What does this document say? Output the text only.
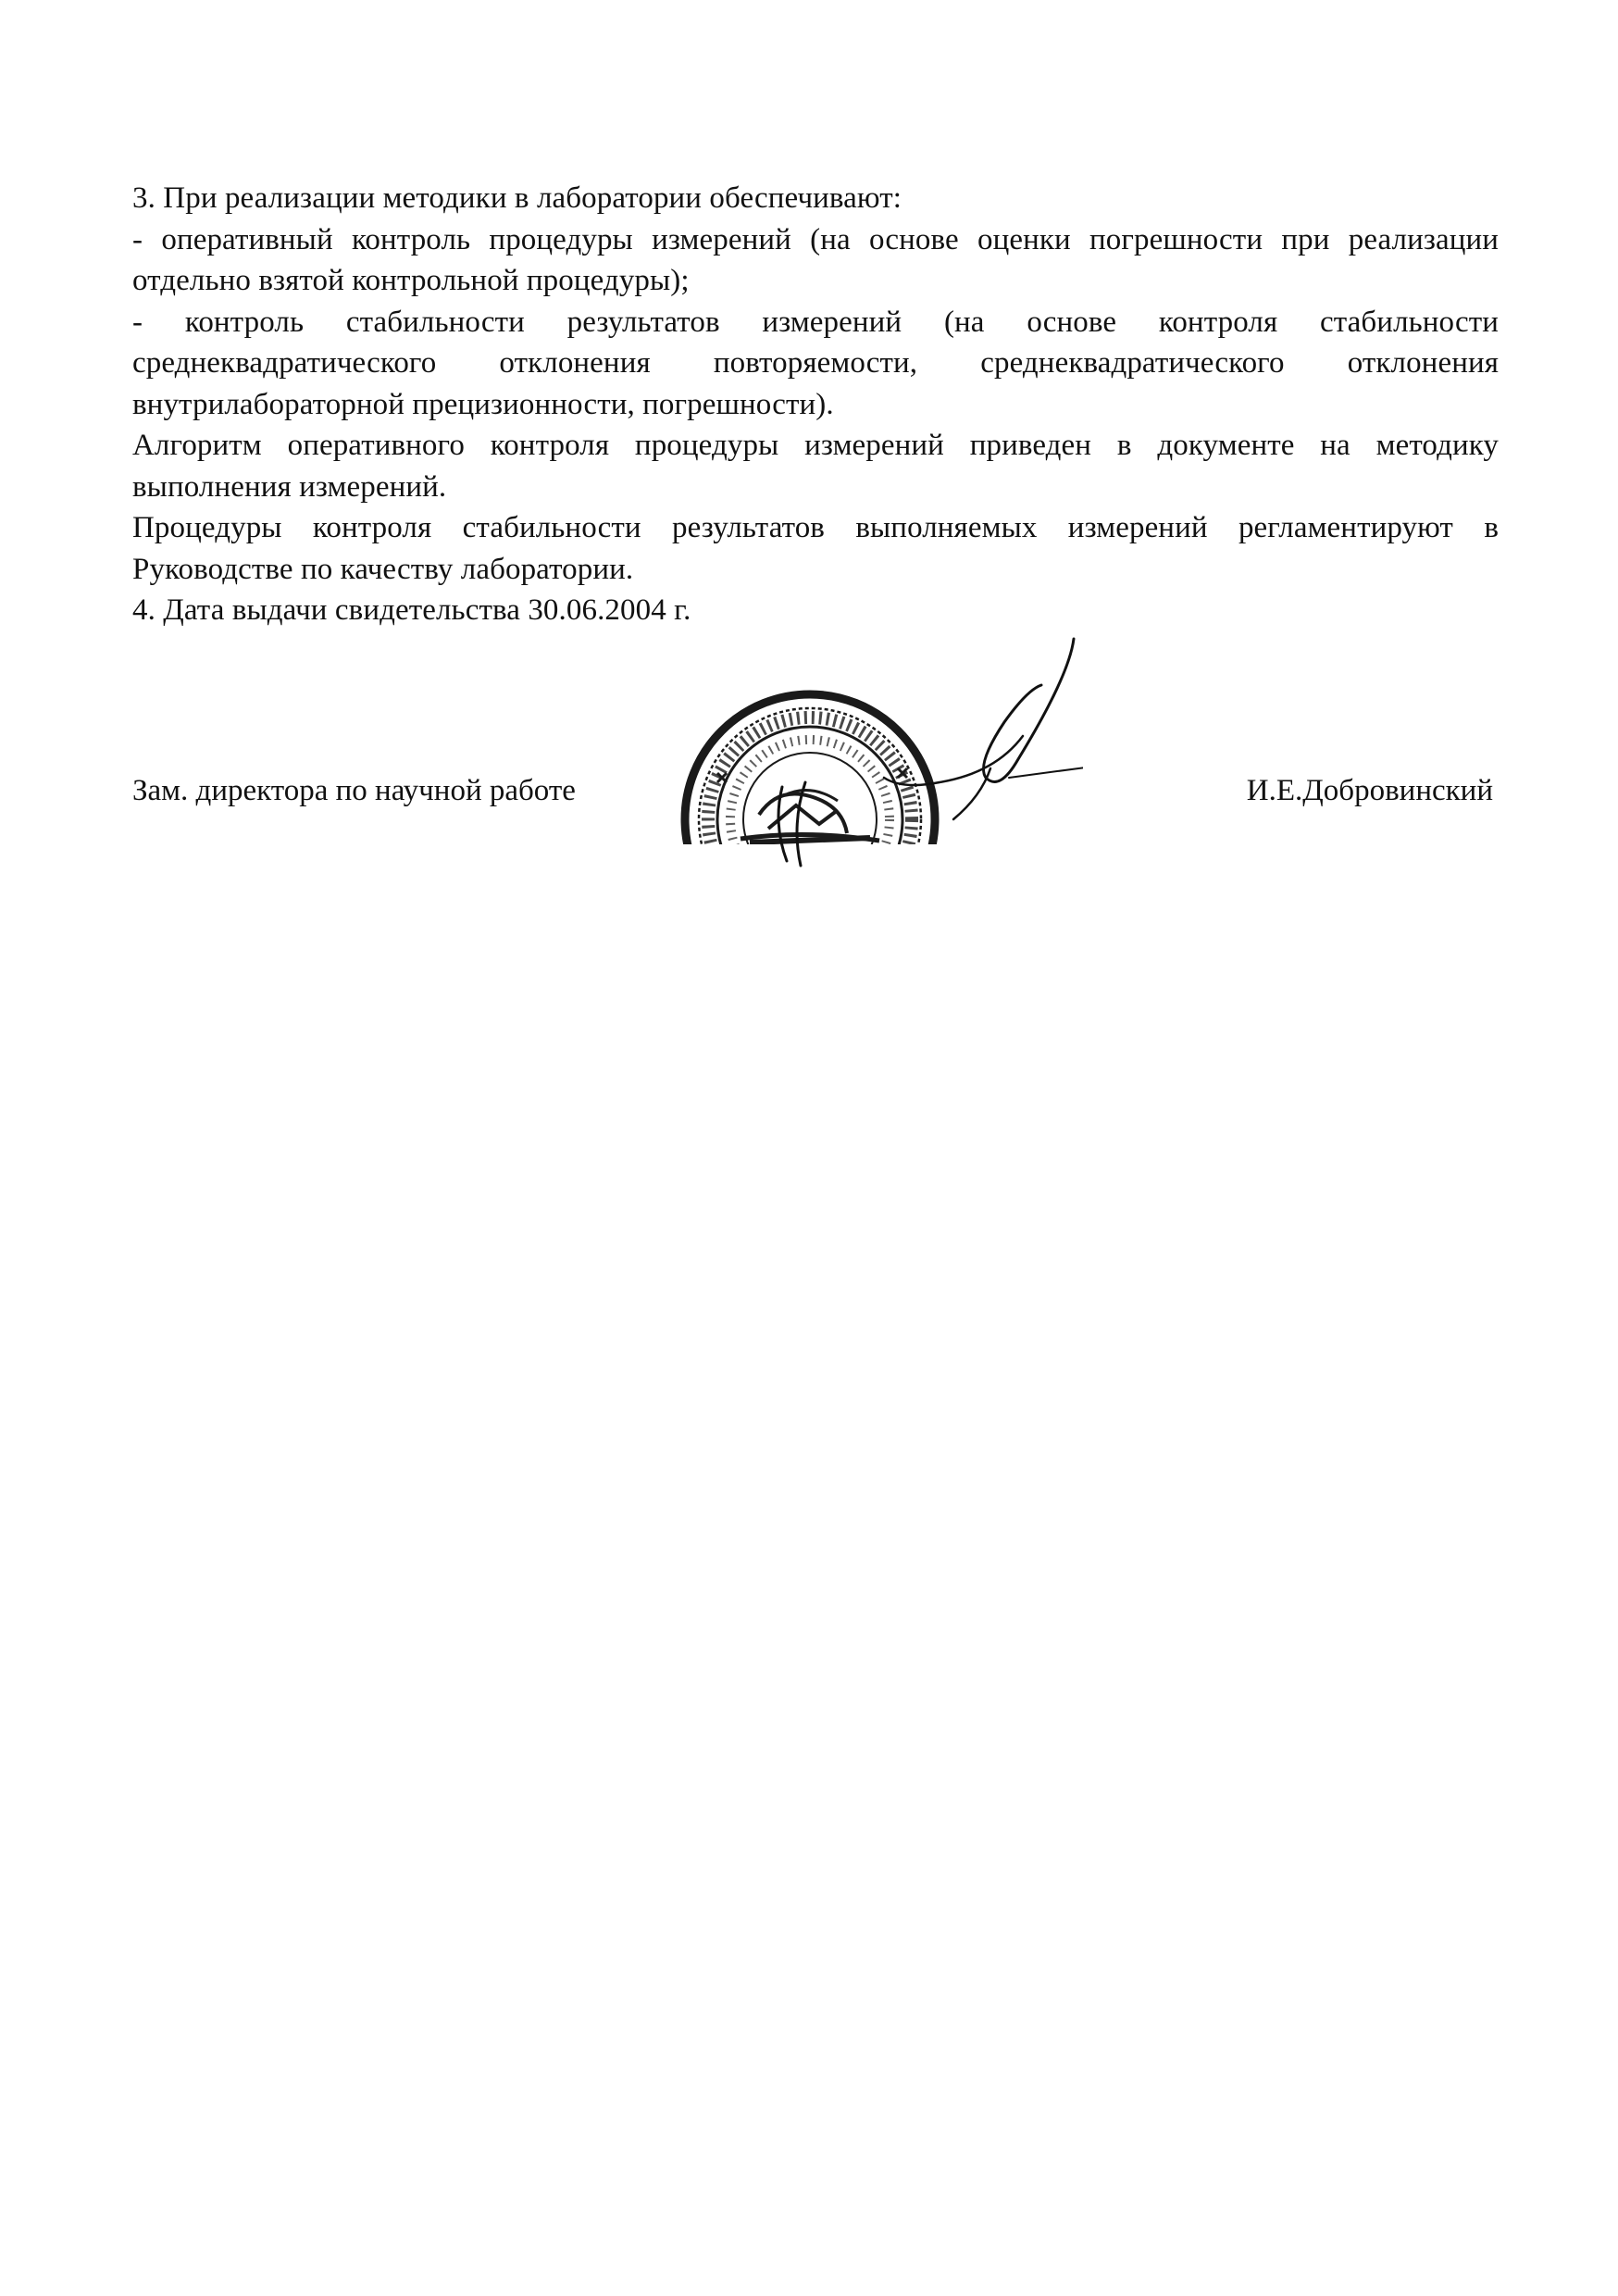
3. При реализации методики в лаборатории обеспечивают:

- оперативный контроль процедуры измерений (на основе оценки погрешности при реализации отдельно взятой контрольной процедуры);

- контроль стабильности результатов измерений (на основе контроля стабильности среднеквадратического отклонения повторяемости, среднеквадратического отклонения внутрилабораторной прецизионности, погрешности).

Алгоритм оперативного контроля процедуры измерений приведен в документе на методику выполнения измерений.

Процедуры контроля стабильности результатов выполняемых измерений регламентируют в Руководстве по качеству лаборатории.

4. Дата выдачи свидетельства 30.06.2004 г.

Зам. директора по научной работе	И.Е.Добровинский
